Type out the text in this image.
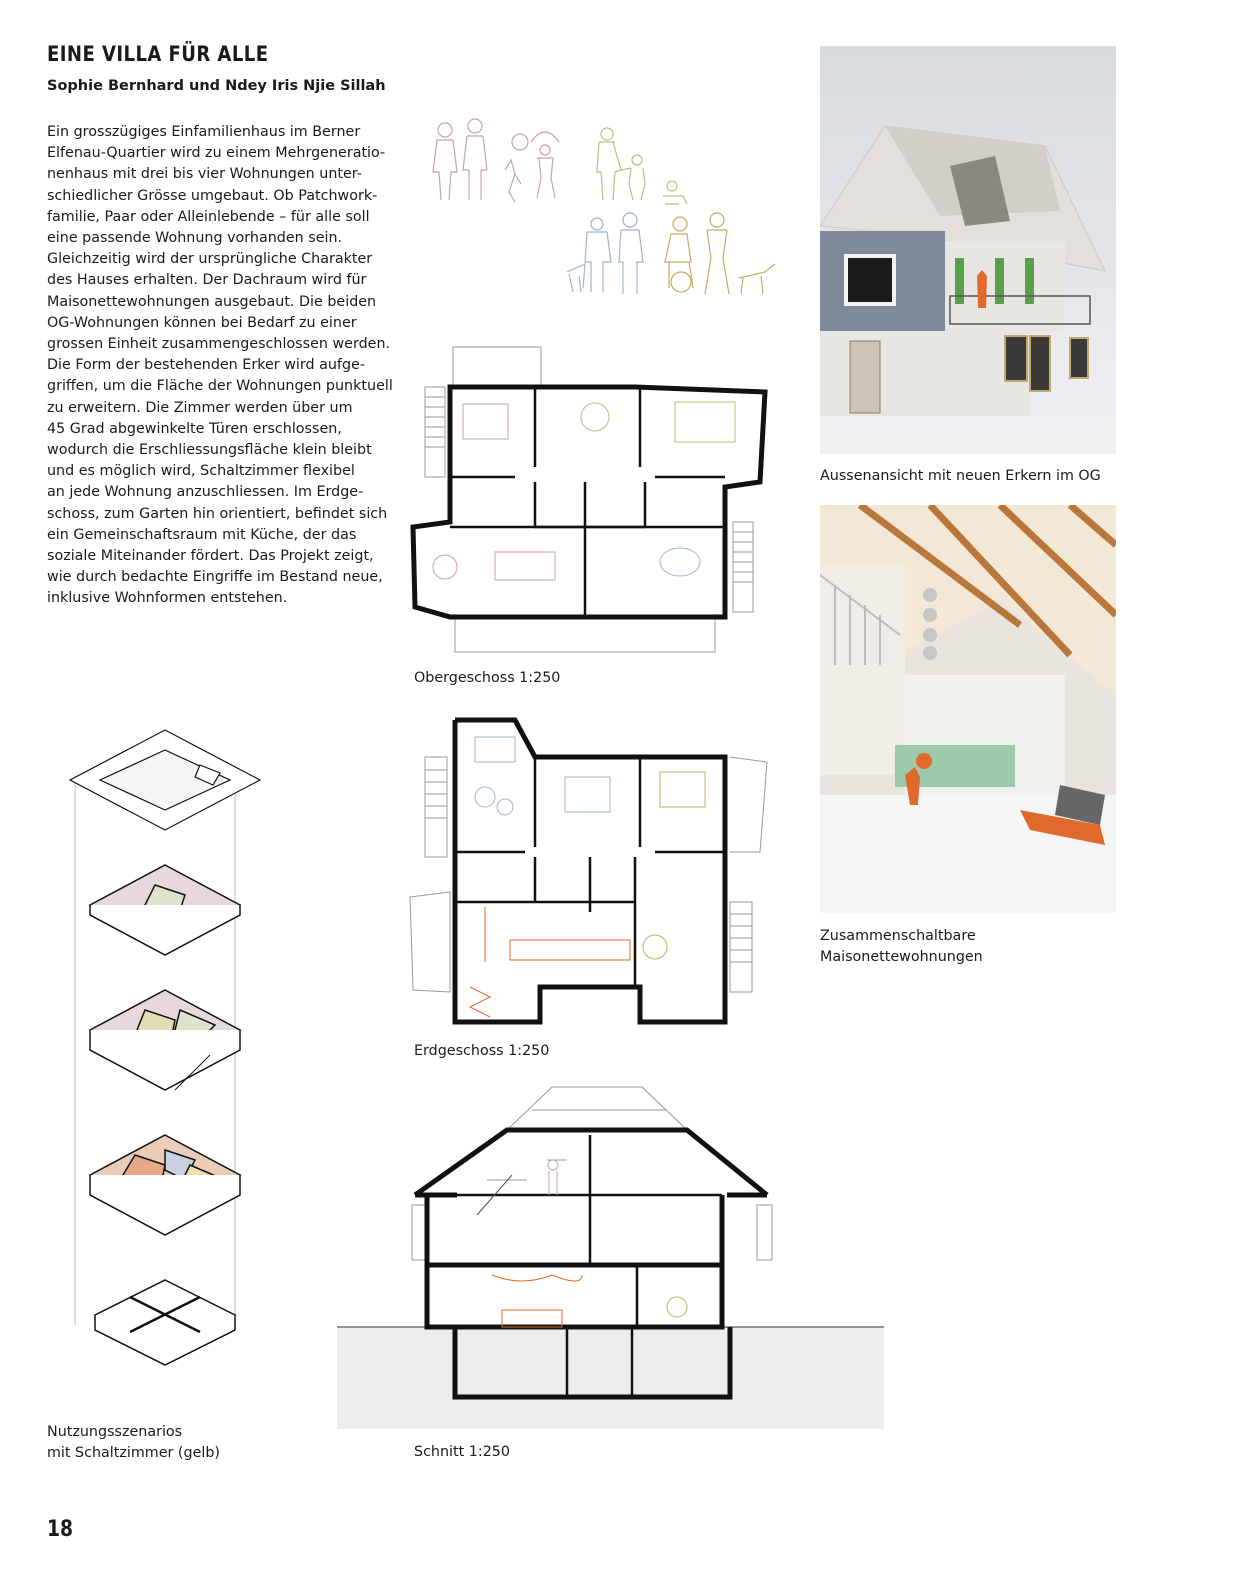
EINE VILLA FÜR ALLE
Sophie Bernhard und Ndey Iris Njie Sillah
Ein grosszügiges Einfamilienhaus im Berner
Elfenau-Quartier wird zu einem Mehrgeneratio-
nenhaus mit drei bis vier Wohnungen unter-
schiedlicher Grösse umgebaut. Ob Patchwork-
familie, Paar oder Alleinlebende – für alle soll
eine passende Wohnung vorhanden sein.
Gleichzeitig wird der ursprüngliche Charakter
des Hauses erhalten. Der Dachraum wird für
Maisonettewohnungen ausgebaut. Die beiden
OG-Wohnungen können bei Bedarf zu einer
grossen Einheit zusammengeschlossen werden.
Die Form der bestehenden Erker wird aufge-
griffen, um die Fläche der Wohnungen punktuell
zu erweitern. Die Zimmer werden über um
45 Grad abgewinkelte Türen erschlossen,
wodurch die Erschliessungsfläche klein bleibt
und es möglich wird, Schaltzimmer flexibel
an jede Wohnung anzuschliessen. Im Erdge-
schoss, zum Garten hin orientiert, befindet sich
ein Gemeinschaftsraum mit Küche, der das
soziale Miteinander fördert. Das Projekt zeigt,
wie durch bedachte Eingriffe im Bestand neue,
inklusive Wohnformen entstehen.
Obergeschoss 1:250
Erdgeschoss 1:250
Schnitt 1:250
Nutzungsszenarios
mit Schaltzimmer (gelb)
Aussenansicht mit neuen Erkern im OG
Zusammenschaltbare
Maisonettewohnungen
18
